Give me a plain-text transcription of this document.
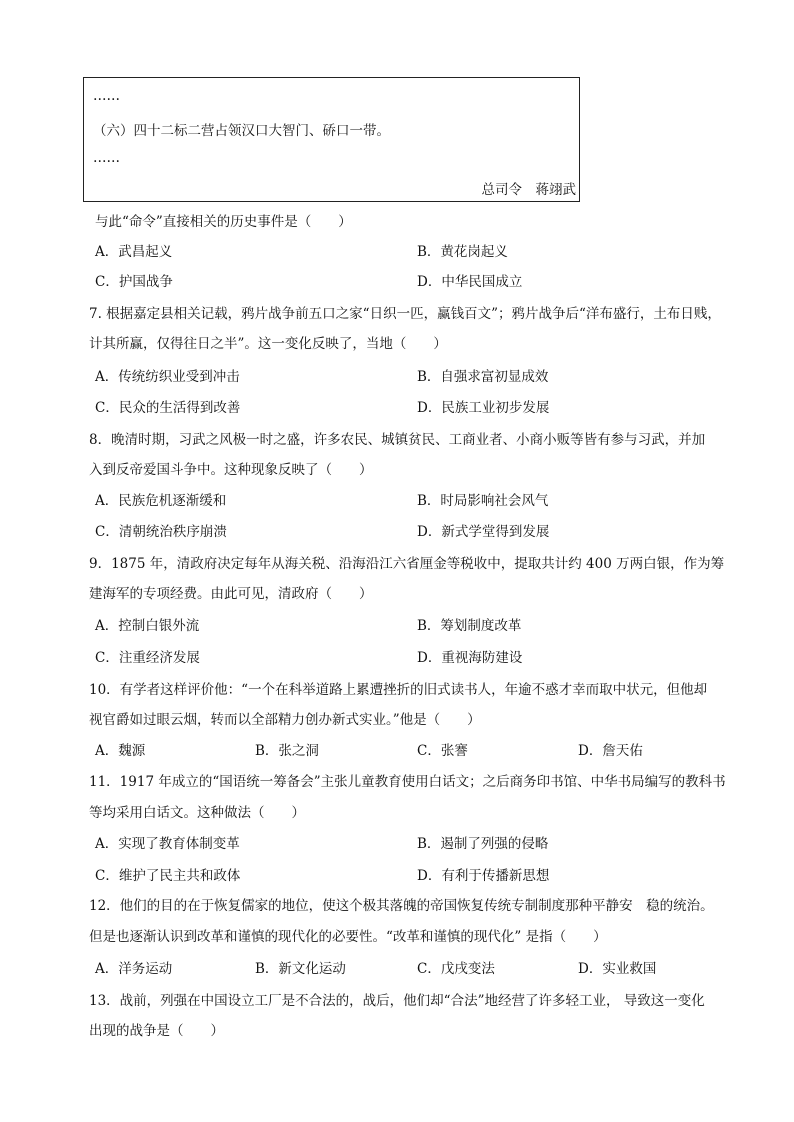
……
（六）四十二标二营占领汉口大智门、硚口一带。
……
总司令　蒋翊武
与此“命令”直接相关的历史事件是（　　）
A．武昌起义	B．黄花岗起义
C．护国战争	D．中华民国成立
7. 根据嘉定县相关记载，鸦片战争前五口之家“日织一匹，赢钱百文”；鸦片战争后“洋布盛行，土布日贱，
计其所赢，仅得往日之半”。这一变化反映了，当地（　　）
A．传统纺织业受到冲击	B．自强求富初显成效
C．民众的生活得到改善	D．民族工业初步发展
8．晚清时期，习武之风极一时之盛，许多农民、城镇贫民、工商业者、小商小贩等皆有参与习武，并加
入到反帝爱国斗争中。这种现象反映了（　　）
A．民族危机逐渐缓和	B．时局影响社会风气
C．清朝统治秩序崩溃	D．新式学堂得到发展
9．1875 年，清政府决定每年从海关税、沿海沿江六省厘金等税收中，提取共计约 400 万两白银，作为筹
建海军的专项经费。由此可见，清政府（　　）
A．控制白银外流	B．筹划制度改革
C．注重经济发展	D．重视海防建设
10．有学者这样评价他：“一个在科举道路上累遭挫折的旧式读书人，年逾不惑才幸而取中状元，但他却
视官爵如过眼云烟，转而以全部精力创办新式实业。”他是（　　）
A．魏源	B．张之洞	C．张謇	D．詹天佑
11．1917 年成立的“国语统一筹备会”主张儿童教育使用白话文；之后商务印书馆、中华书局编写的教科书
等均采用白话文。这种做法（　　）
A．实现了教育体制变革	B．遏制了列强的侵略
C．维护了民主共和政体	D．有利于传播新思想
12．他们的目的在于恢复儒家的地位，使这个极其落魄的帝国恢复传统专制制度那种平静安　稳的统治。
但是也逐渐认识到改革和谨慎的现代化的必要性。“改革和谨慎的现代化” 是指（　　）
A．洋务运动	B．新文化运动	C．戊戌变法	D．实业救国
13．战前，列强在中国设立工厂是不合法的，战后，他们却“合法”地经营了许多轻工业， 导致这一变化
出现的战争是（　　）
